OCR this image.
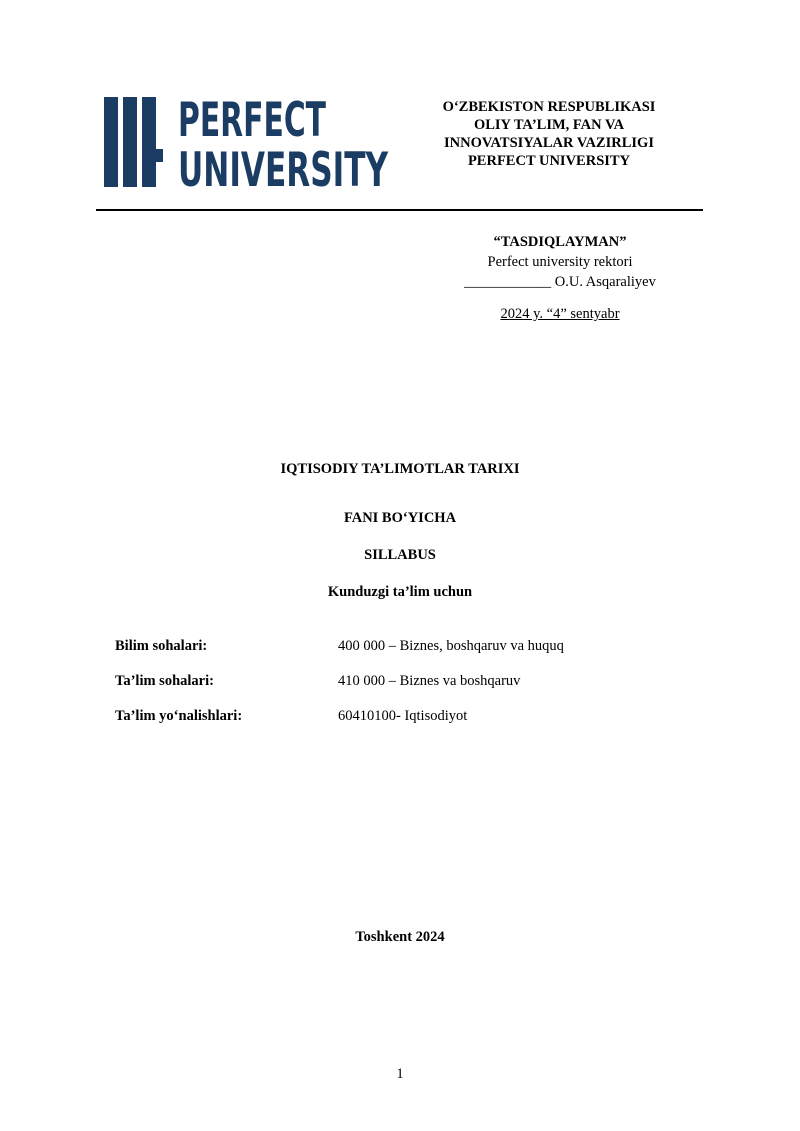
PERFECT
UNIVERSITY
O‘ZBEKISTON RESPUBLIKASI
OLIY TA’LIM, FAN VA
INNOVATSIYALAR VAZIRLIGI
PERFECT UNIVERSITY
“TASDIQLAYMAN”
Perfect university rektori
____________ O.U. Asqaraliyev
2024 y. “4” sentyabr
IQTISODIY TA’LIMOTLAR TARIXI
FANI BO‘YICHA
SILLABUS
Kunduzgi ta’lim uchun
Bilim sohalari:	400 000 – Biznes, boshqaruv va huquq
Ta’lim sohalari:	410 000 – Biznes va boshqaruv
Ta’lim yo‘nalishlari:	60410100- Iqtisodiyot
Toshkent 2024
1
